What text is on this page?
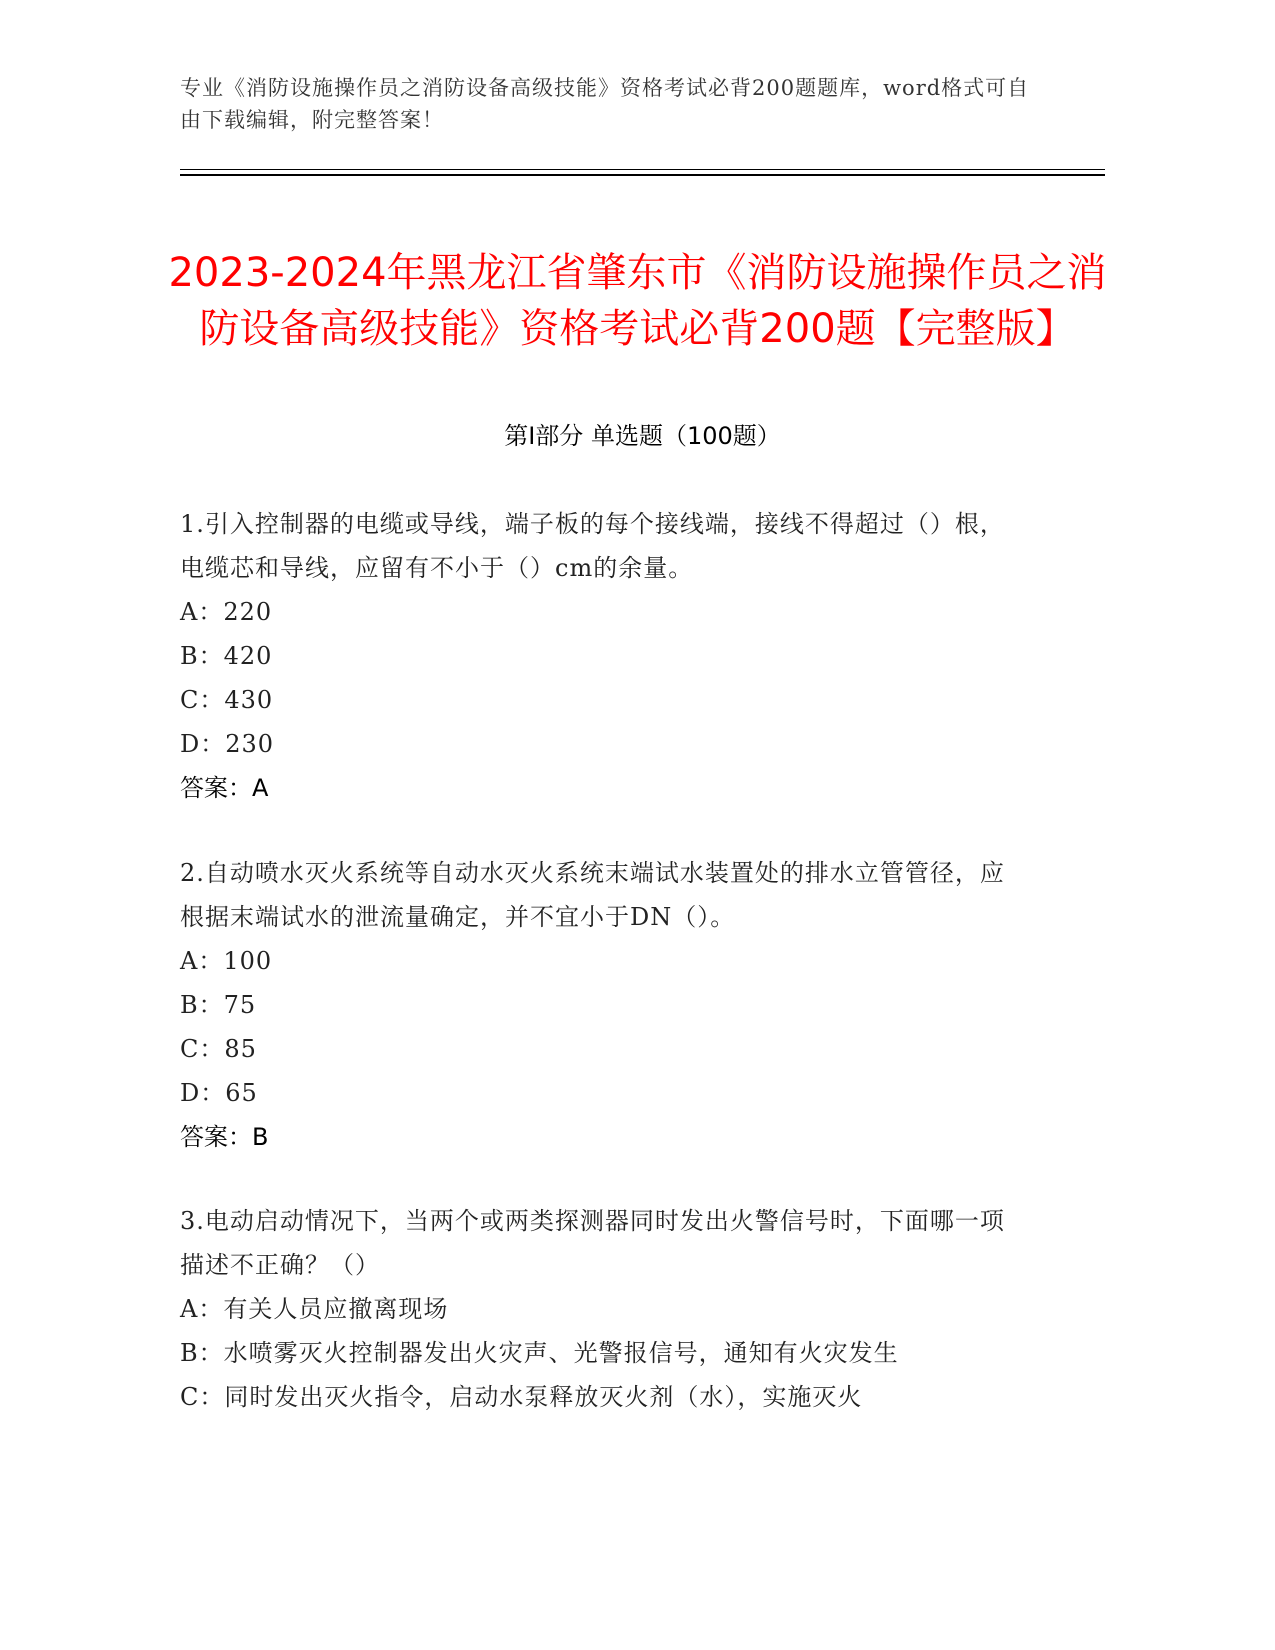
专业《消防设施操作员之消防设备高级技能》资格考试必背200题题库，word格式可自由下载编辑，附完整答案！
2023-2024年黑龙江省肇东市《消防设施操作员之消防设备高级技能》资格考试必背200题【完整版】
第I部分 单选题（100题）

1.引入控制器的电缆或导线，端子板的每个接线端，接线不得超过（）根，电缆芯和导线，应留有不小于（）cm的余量。

A：220

B：420

C：430

D：230

答案：A

2.自动喷水灭火系统等自动水灭火系统末端试水装置处的排水立管管径，应根据末端试水的泄流量确定，并不宜小于DN（）。

A：100

B：75

C：85

D：65

答案：B

3.电动启动情况下，当两个或两类探测器同时发出火警信号时，下面哪一项描述不正确？（）

A：有关人员应撤离现场

B：水喷雾灭火控制器发出火灾声、光警报信号，通知有火灾发生

C：同时发出灭火指令，启动水泵释放灭火剂（水），实施灭火
